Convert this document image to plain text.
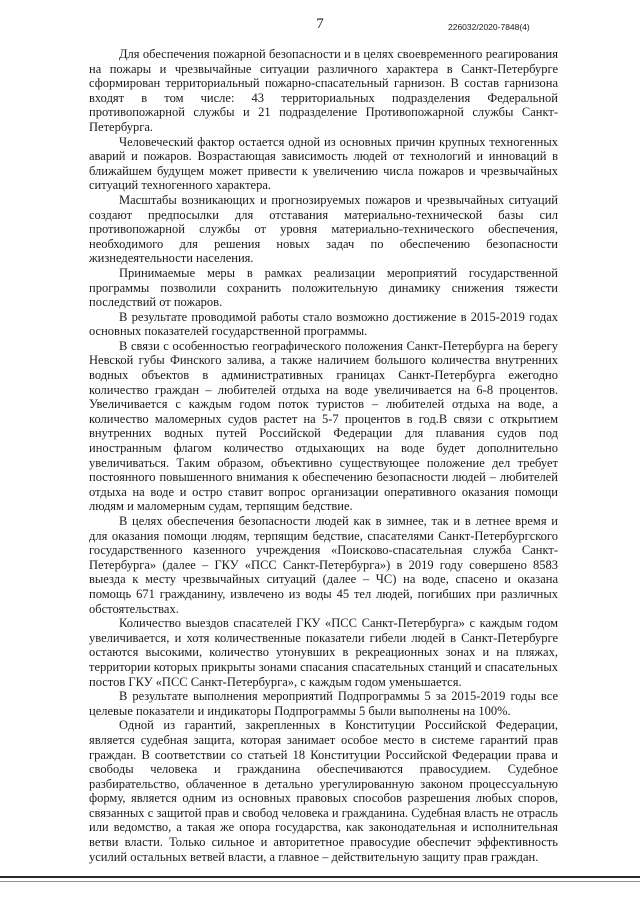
7	226032/2020-7848(4)

Для обеспечения пожарной безопасности и в целях своевременного реагирования на пожары и чрезвычайные ситуации различного характера в Санкт-Петербурге сформирован территориальный пожарно-спасательный гарнизон. В состав гарнизона входят в том числе: 43 территориальных подразделения Федеральной противопожарной службы и 21 подразделение Противопожарной службы Санкт-Петербурга.

Человеческий фактор остается одной из основных причин крупных техногенных аварий и пожаров. Возрастающая зависимость людей от технологий и инноваций в ближайшем будущем может привести к увеличению числа пожаров и чрезвычайных ситуаций техногенного характера.

Масштабы возникающих и прогнозируемых пожаров и чрезвычайных ситуаций создают предпосылки для отставания материально-технической базы сил противопожарной службы от уровня материально-технического обеспечения, необходимого для решения новых задач по обеспечению безопасности жизнедеятельности населения.

Принимаемые меры в рамках реализации мероприятий государственной программы позволили сохранить положительную динамику снижения тяжести последствий от пожаров.

В результате проводимой работы стало возможно достижение в 2015-2019 годах основных показателей государственной программы.

В связи с особенностью географического положения Санкт-Петербурга на берегу Невской губы Финского залива, а также наличием большого количества внутренних водных объектов в административных границах Санкт-Петербурга ежегодно количество граждан – любителей отдыха на воде увеличивается на 6-8 процентов. Увеличивается с каждым годом поток туристов – любителей отдыха на воде, а количество маломерных судов растет на 5-7 процентов в год.В связи с открытием внутренних водных путей Российской Федерации для плавания судов под иностранным флагом количество отдыхающих на воде будет дополнительно увеличиваться. Таким образом, объективно существующее положение дел требует постоянного повышенного внимания к обеспечению безопасности людей – любителей отдыха на воде и остро ставит вопрос организации оперативного оказания помощи людям и маломерным судам, терпящим бедствие.

В целях обеспечения безопасности людей как в зимнее, так и в летнее время и для оказания помощи людям, терпящим бедствие, спасателями Санкт-Петербургского государственного казенного учреждения «Поисково-спасательная служба Санкт-Петербурга» (далее – ГКУ «ПСС Санкт-Петербурга») в 2019 году совершено 8583 выезда к месту чрезвычайных ситуаций (далее – ЧС) на воде, спасено и оказана помощь 671 гражданину, извлечено из воды 45 тел людей, погибших при различных обстоятельствах.

Количество выездов спасателей ГКУ «ПСС Санкт-Петербурга» с каждым годом увеличивается, и хотя количественные показатели гибели людей в Санкт-Петербурге остаются высокими, количество утонувших в рекреационных зонах и на пляжах, территории которых прикрыты зонами спасания спасательных станций и спасательных постов ГКУ «ПСС Санкт-Петербурга», с каждым годом уменьшается.

В результате выполнения мероприятий Подпрограммы 5 за 2015-2019 годы все целевые показатели и индикаторы Подпрограммы 5 были выполнены на 100%.

Одной из гарантий, закрепленных в Конституции Российской Федерации, является судебная защита, которая занимает особое место в системе гарантий прав граждан. В соответствии со статьей 18 Конституции Российской Федерации права и свободы человека и гражданина обеспечиваются правосудием. Судебное разбирательство, облаченное в детально урегулированную законом процессуальную форму, является одним из основных правовых способов разрешения любых споров, связанных с защитой прав и свобод человека и гражданина. Судебная власть не отрасль или ведомство, а такая же опора государства, как законодательная и исполнительная ветви власти. Только сильное и авторитетное правосудие обеспечит эффективность усилий остальных ветвей власти, а главное – действительную защиту прав граждан.
